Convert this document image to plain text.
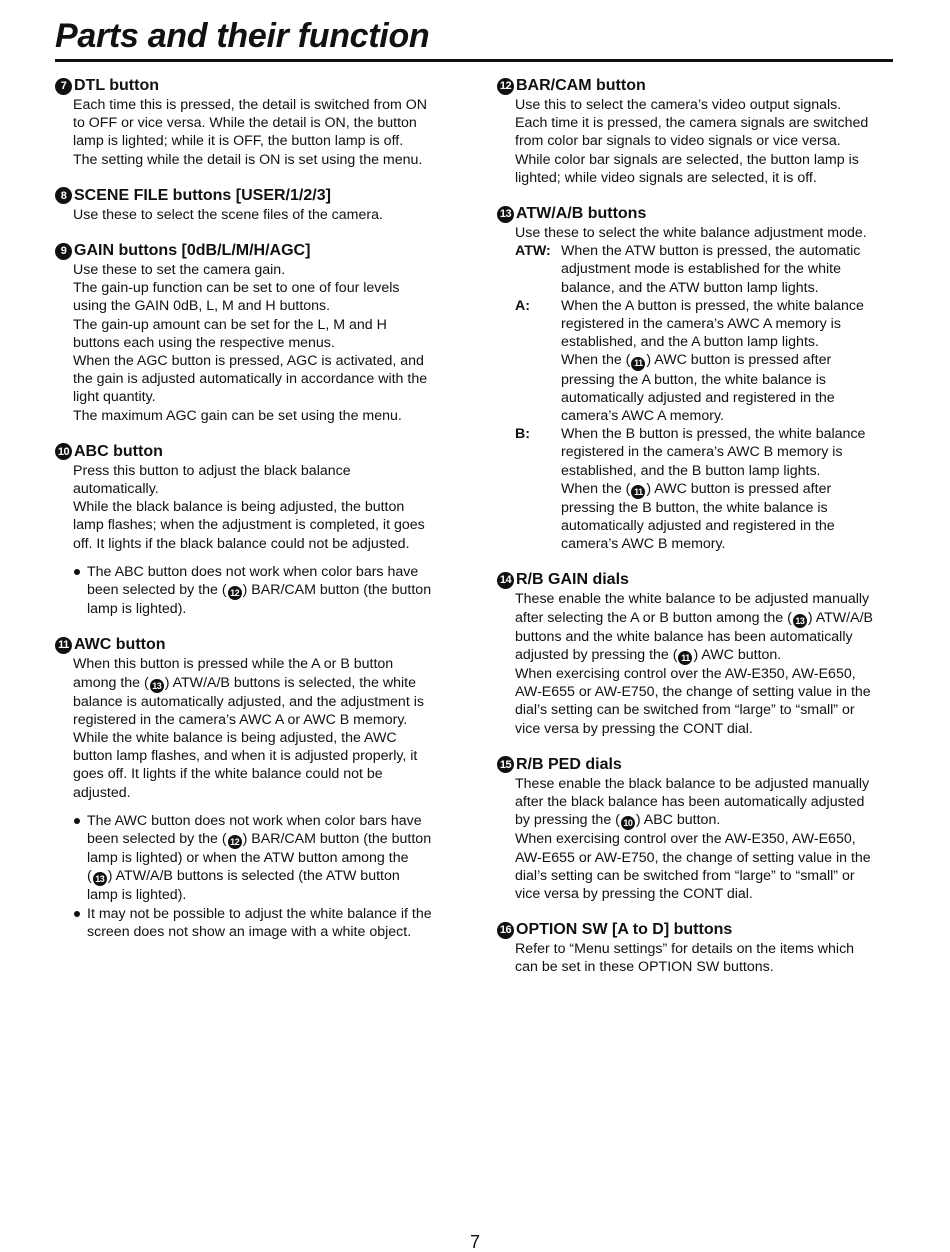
Parts and their function
7 DTL button

Each time this is pressed, the detail is switched from ON

to OFF or vice versa. While the detail is ON, the button

lamp is lighted; while it is OFF, the button lamp is off.

The setting while the detail is ON is set using the menu.

8 SCENE FILE buttons [USER/1/2/3]

Use these to select the scene files of the camera.

9 GAIN buttons [0dB/L/M/H/AGC]

Use these to set the camera gain.

The gain-up function can be set to one of four levels

using the GAIN 0dB, L, M and H buttons.

The gain-up amount can be set for the L, M and H

buttons each using the respective menus.

When the AGC button is pressed, AGC is activated, and

the gain is adjusted automatically in accordance with the

light quantity.

The maximum AGC gain can be set using the menu.

10 ABC button

Press this button to adjust the black balance

automatically.

While the black balance is being adjusted, the button

lamp flashes; when the adjustment is completed, it goes

off. It lights if the black balance could not be adjusted.

The ABC button does not work when color bars have
been selected by the ( 12 ) BAR/CAM button (the button
lamp is lighted).
11 AWC button

When this button is pressed while the A or B button

among the ( 13 ) ATW/A/B buttons is selected, the white

balance is automatically adjusted, and the adjustment is

registered in the camera’s AWC A or AWC B memory.

While the white balance is being adjusted, the AWC

button lamp flashes, and when it is adjusted properly, it

goes off. It lights if the white balance could not be

adjusted.

The AWC button does not work when color bars have
been selected by the ( 12 ) BAR/CAM button (the button
lamp is lighted) or when the ATW button among the
( 13 ) ATW/A/B buttons is selected (the ATW button
lamp is lighted).
It may not be possible to adjust the white balance if the
screen does not show an image with a white object.
12 BAR/CAM button

Use this to select the camera’s video output signals.

Each time it is pressed, the camera signals are switched

from color bar signals to video signals or vice versa.

While color bar signals are selected, the button lamp is

lighted; while video signals are selected, it is off.

13 ATW/A/B buttons

Use these to select the white balance adjustment mode.

ATW: When the ATW button is pressed, the automatic

adjustment mode is established for the white

balance, and the ATW button lamp lights.

A:	When the A button is pressed, the white balance

registered in the camera’s AWC A memory is

established, and the A button lamp lights.

When the ( 11 ) AWC button is pressed after

pressing the A button, the white balance is

automatically adjusted and registered in the

camera’s AWC A memory.

B:	When the B button is pressed, the white balance

registered in the camera’s AWC B memory is

established, and the B button lamp lights.

When the ( 11 ) AWC button is pressed after

pressing the B button, the white balance is

automatically adjusted and registered in the

camera’s AWC B memory.

14 R/B GAIN dials

These enable the white balance to be adjusted manually

after selecting the A or B button among the ( 13 ) ATW/A/B

buttons and the white balance has been automatically

adjusted by pressing the ( 11 ) AWC button.

When exercising control over the AW-E350, AW-E650,

AW-E655 or AW-E750, the change of setting value in the

dial’s setting can be switched from “large” to “small” or

vice versa by pressing the CONT dial.

15 R/B PED dials

These enable the black balance to be adjusted manually

after the black balance has been automatically adjusted

by pressing the ( 10 ) ABC button.

When exercising control over the AW-E350, AW-E650,

AW-E655 or AW-E750, the change of setting value in the

dial’s setting can be switched from “large” to “small” or

vice versa by pressing the CONT dial.

16 OPTION SW [A to D] buttons

Refer to “Menu settings” for details on the items which

can be set in these OPTION SW buttons.

7
